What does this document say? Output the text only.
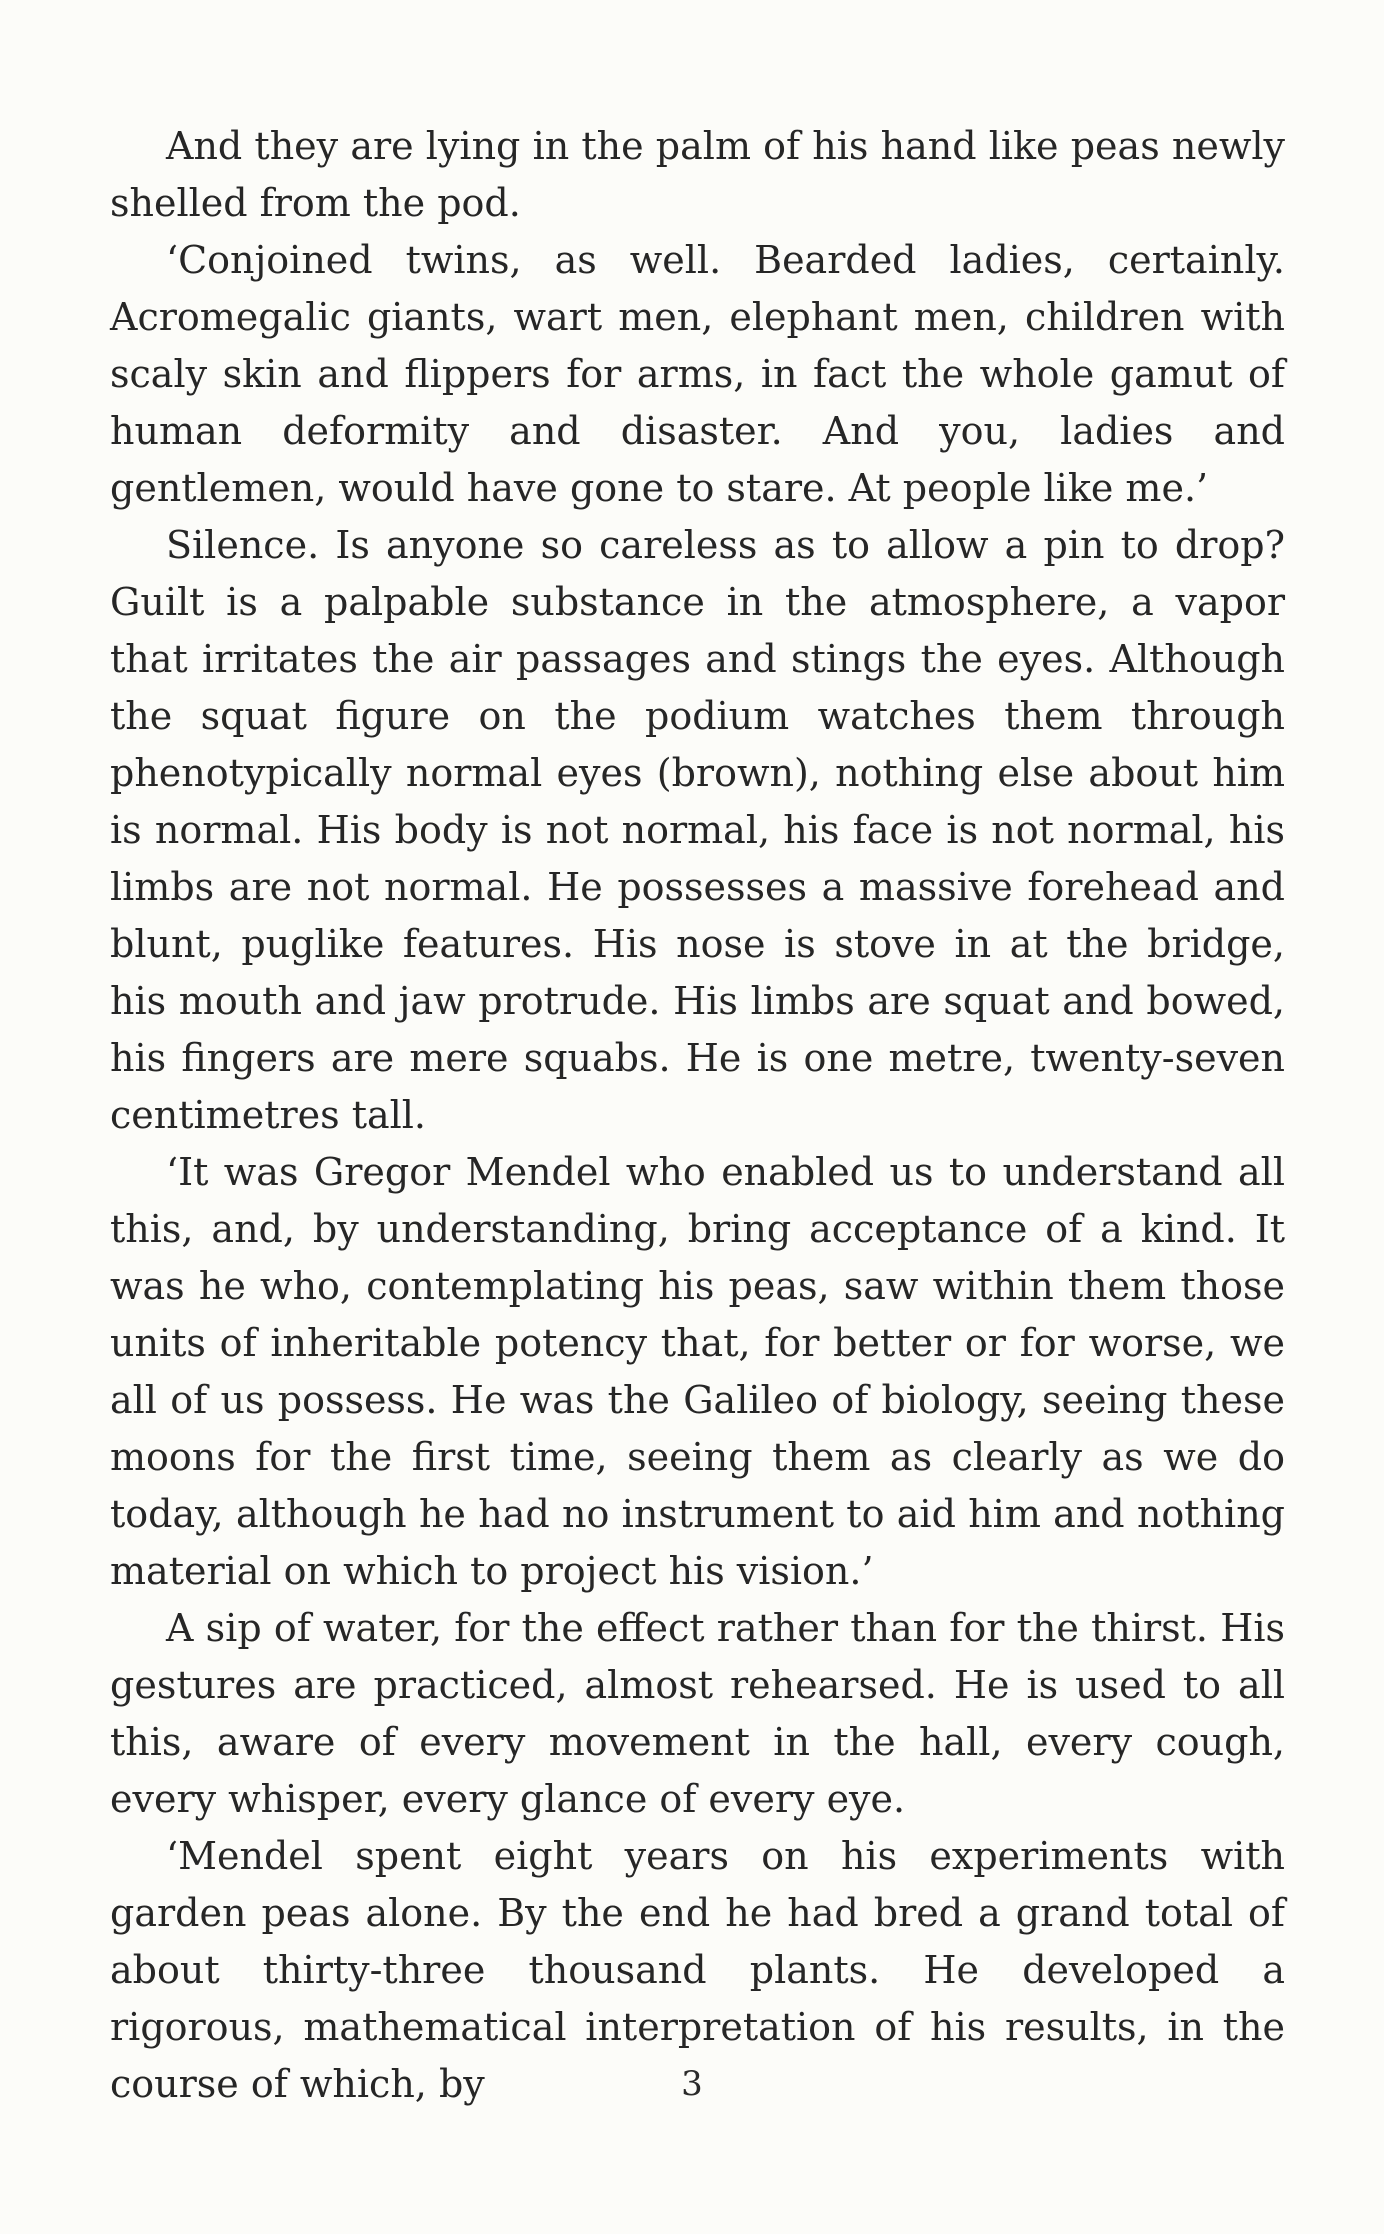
And they are lying in the palm of his hand like peas newly shelled from the pod.

‘Conjoined twins, as well. Bearded ladies, certainly. Acromegalic giants, wart men, elephant men, children with scaly skin and flippers for arms, in fact the whole gamut of human deformity and disaster. And you, ladies and gentlemen, would have gone to stare. At people like me.’

Silence. Is anyone so careless as to allow a pin to drop? Guilt is a palpable substance in the atmosphere, a vapor that irritates the air passages and stings the eyes. Although the squat figure on the podium watches them through phenotypically normal eyes (brown), nothing else about him is normal. His body is not normal, his face is not normal, his limbs are not normal. He possesses a massive forehead and blunt, puglike features. His nose is stove in at the bridge, his mouth and jaw protrude. His limbs are squat and bowed, his fingers are mere squabs. He is one metre, twenty-seven centimetres tall.

‘It was Gregor Mendel who enabled us to understand all this, and, by understanding, bring acceptance of a kind. It was he who, contemplating his peas, saw within them those units of inheritable potency that, for better or for worse, we all of us possess. He was the Galileo of biology, seeing these moons for the first time, seeing them as clearly as we do today, although he had no instrument to aid him and nothing material on which to project his vision.’

A sip of water, for the effect rather than for the thirst. His gestures are practiced, almost rehearsed. He is used to all this, aware of every movement in the hall, every cough, every whisper, every glance of every eye.

‘Mendel spent eight years on his experiments with garden peas alone. By the end he had bred a grand total of about thirty-three thousand plants. He developed a rigorous, mathematical interpretation of his results, in the course of which, by	3
